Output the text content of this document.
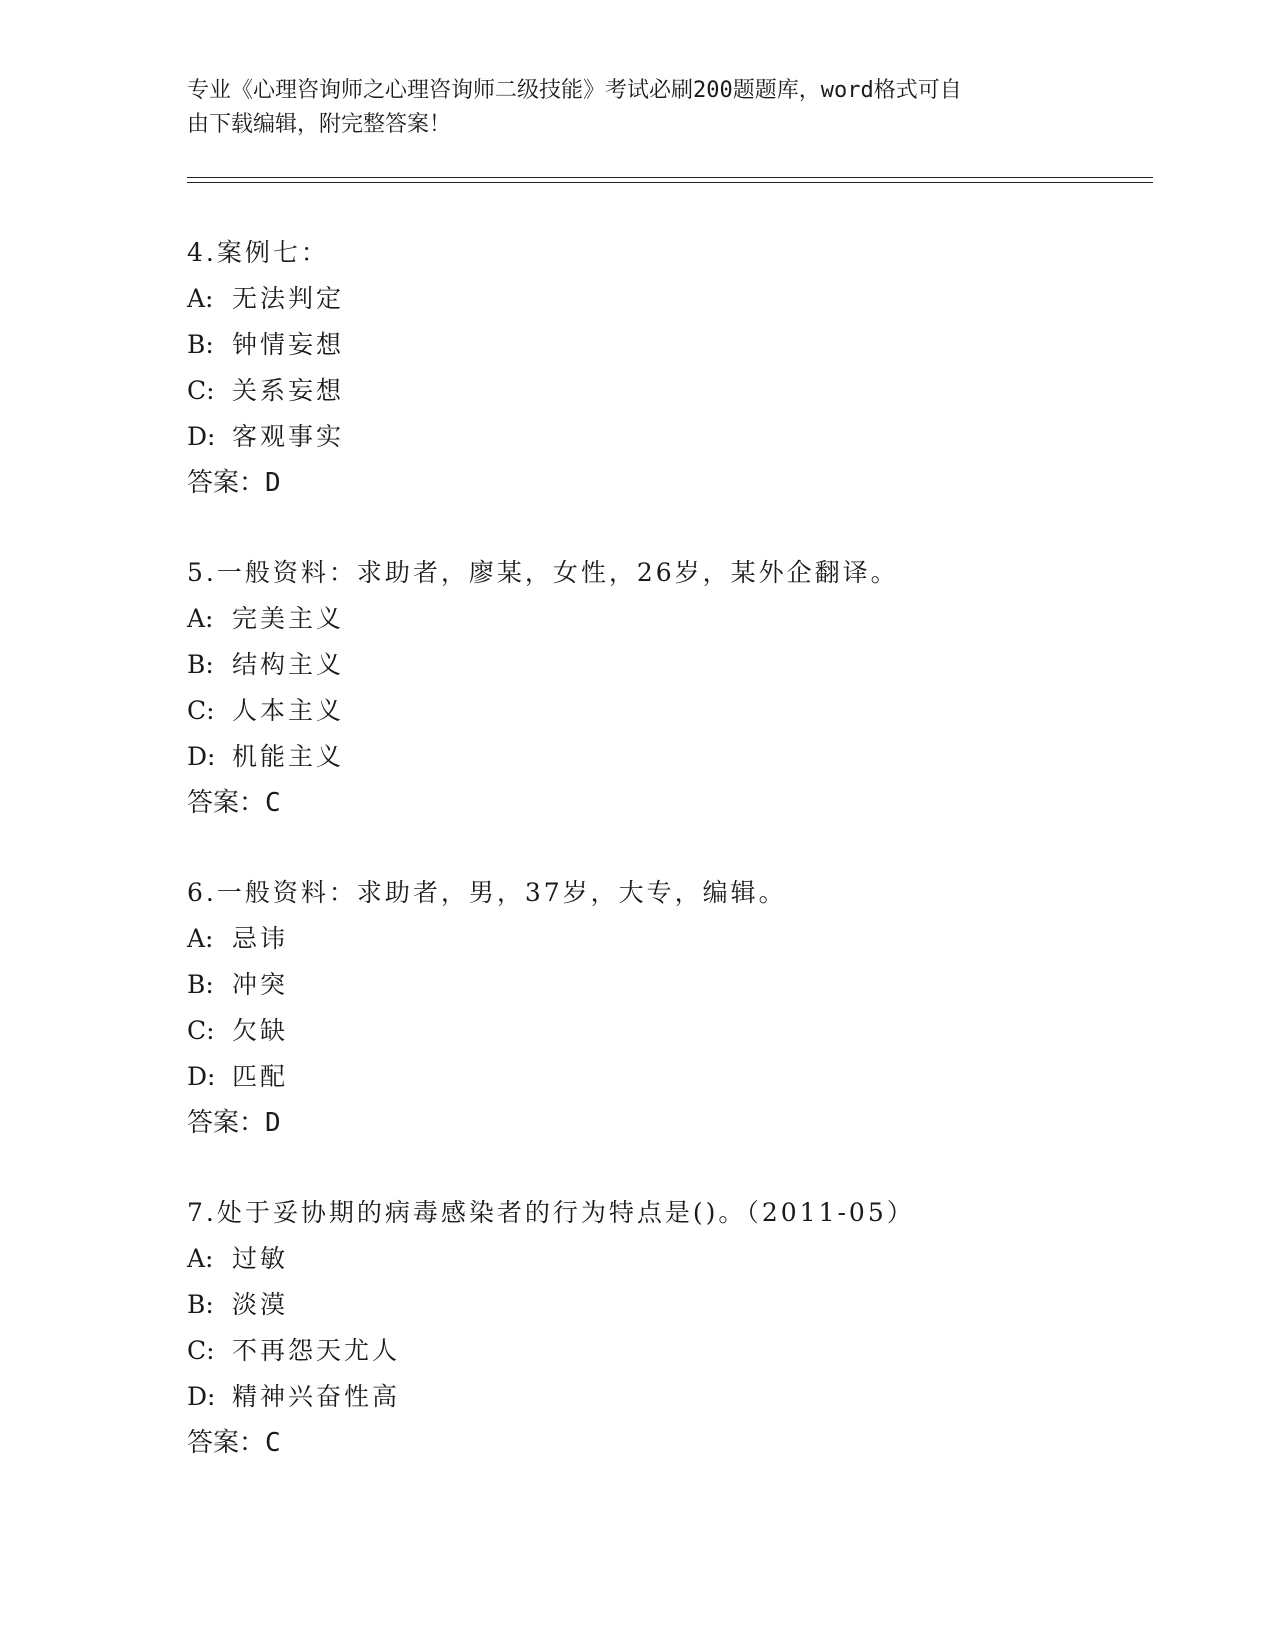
专业《心理咨询师之心理咨询师二级技能》考试必刷200题题库，word格式可自
由下载编辑，附完整答案！
4.案例七：
A: 无法判定
B: 钟情妄想
C: 关系妄想
D: 客观事实
答案：D
5.一般资料：求助者，廖某，女性，26岁，某外企翻译。
A: 完美主义
B: 结构主义
C: 人本主义
D: 机能主义
答案：C
6.一般资料：求助者，男，37岁，大专，编辑。
A: 忌讳
B: 冲突
C: 欠缺
D: 匹配
答案：D
7.处于妥协期的病毒感染者的行为特点是()。（2011-05）
A: 过敏
B: 淡漠
C: 不再怨天尤人
D: 精神兴奋性高
答案：C
